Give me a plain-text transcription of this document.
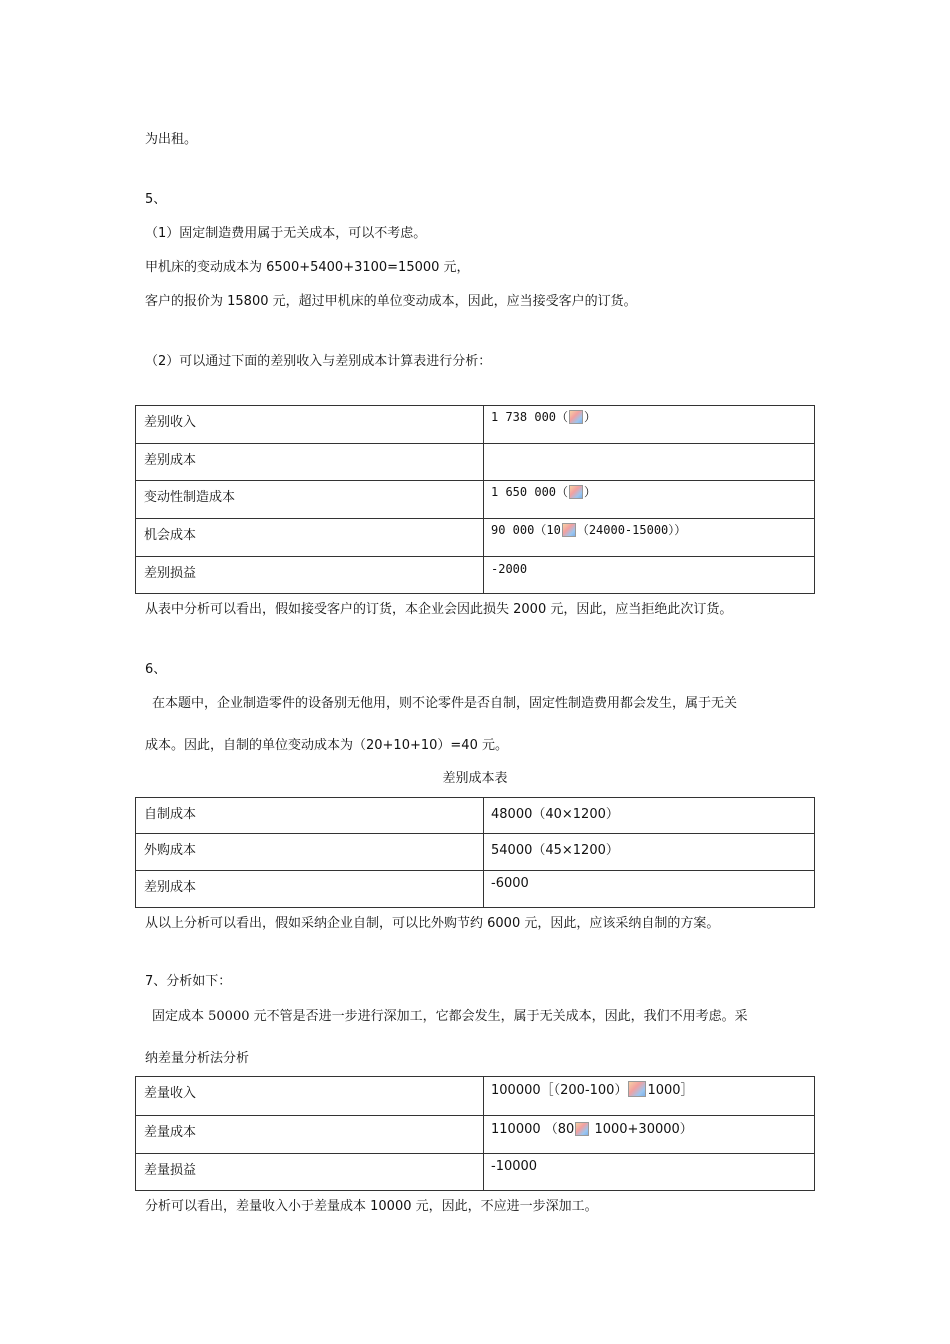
为出租。
5、
（1）固定制造费用属于无关成本，可以不考虑。
甲机床的变动成本为 6500+5400+3100=15000 元，
客户的报价为 15800 元，超过甲机床的单位变动成本，因此，应当接受客户的订货。
（2）可以通过下面的差别收入与差别成本计算表进行分析：
差别收入	1 738 000（ ）
差别成本	
变动性制造成本	1 650 000（ ）
机会成本	90 000（10 （24000-15000））
差别损益	-2000
从表中分析可以看出，假如接受客户的订货，本企业会因此损失 2000 元，因此，应当拒绝此次订货。
6、
在本题中，企业制造零件的设备别无他用，则不论零件是否自制，固定性制造费用都会发生，属于无关
成本。因此，自制的单位变动成本为（20+10+10）=40 元。
差别成本表
自制成本	48000（40×1200）
外购成本	54000（45×1200）
差别成本	-6000
从以上分析可以看出，假如采纳企业自制，可以比外购节约 6000 元，因此，应该采纳自制的方案。
7、分析如下：
固定成本 50000 元不管是否进一步进行深加工，它都会发生，属于无关成本，因此，我们不用考虑。采
纳差量分析法分析
差量收入	100000［（200-100） 1000］
差量成本	110000 （80 1000+30000）
差量损益	-10000
分析可以看出，差量收入小于差量成本 10000 元，因此，不应进一步深加工。
